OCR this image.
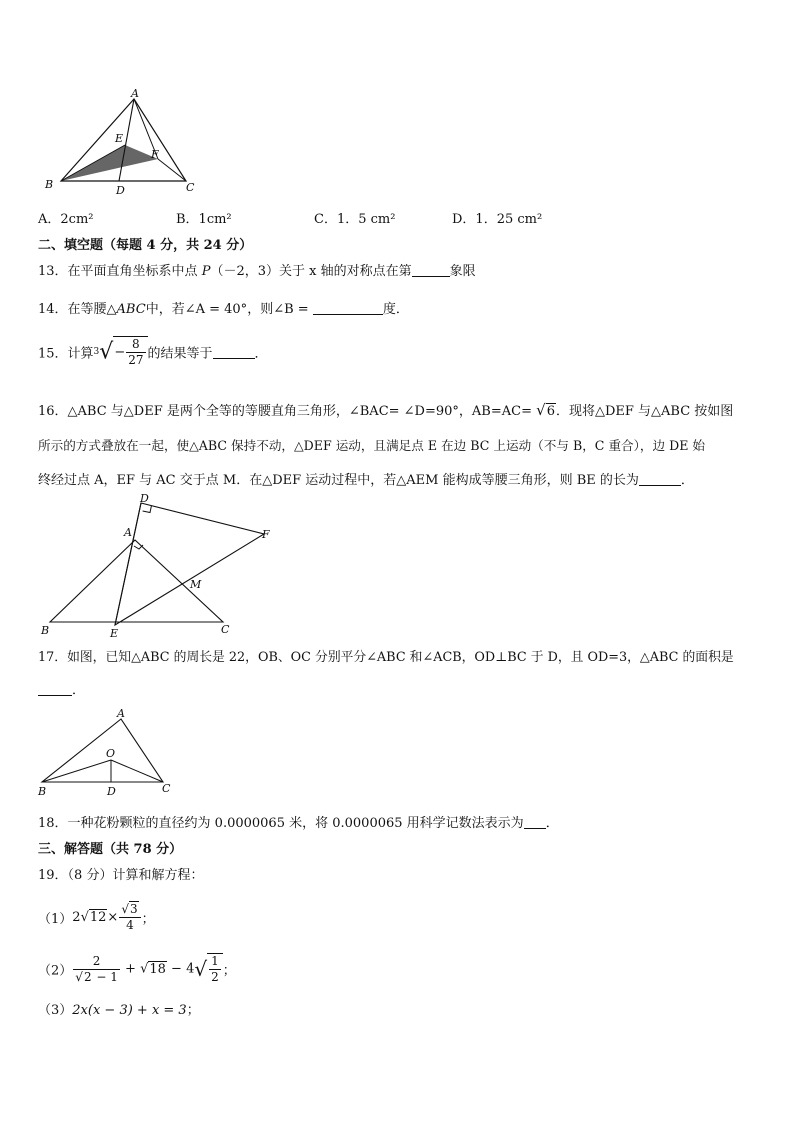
A
B	C
D
E
F
A．2cm²	B．1cm²	C．1．5 cm²	D．1．25 cm²
二、填空题（每题 4 分，共 24 分）
13．在平面直角坐标系中点 P（－2，3）关于 x 轴的对称点在第	象限
14．在等腰△ABC中，若∠A = 40°，则∠B =	度．
15．计算$3√- \frac{8}{27}$ 的结果等于	．
16．△ABC 与△DEF 是两个全等的等腰直角三角形，∠BAC= ∠D=90°，AB=AC= √6．现将△DEF 与△ABC 按如图
所示的方式叠放在一起，使△ABC 保持不动，△DEF 运动，且满足点 E 在边 BC 上运动（不与 B，C 重合），边 DE 始
终经过点 A，EF 与 AC 交于点 M．在△DEF 运动过程中，若△AEM 能构成等腰三角形，则 BE 的长为	．
D
A	F
M
B	E	C
17．如图，已知△ABC 的周长是 22，OB、OC 分别平分∠ABC 和∠ACB，OD⊥BC 于 D，且 OD=3，△ABC 的面积是
．
A
O
B	D	C
18．一种花粉颗粒的直径约为 0.0000065 米，将 0.0000065 用科学记数法表示为 ．
三、解答题（共 78 分）
19．（8 分）计算和解方程：
$(1)2√12\times \frac{√3}{4}$ ；
$(2) \frac{2}{√2 - 1} + √18 - 4√ \frac{1}{2}$ ；
（3）2x(x − 3) + x = 3；
